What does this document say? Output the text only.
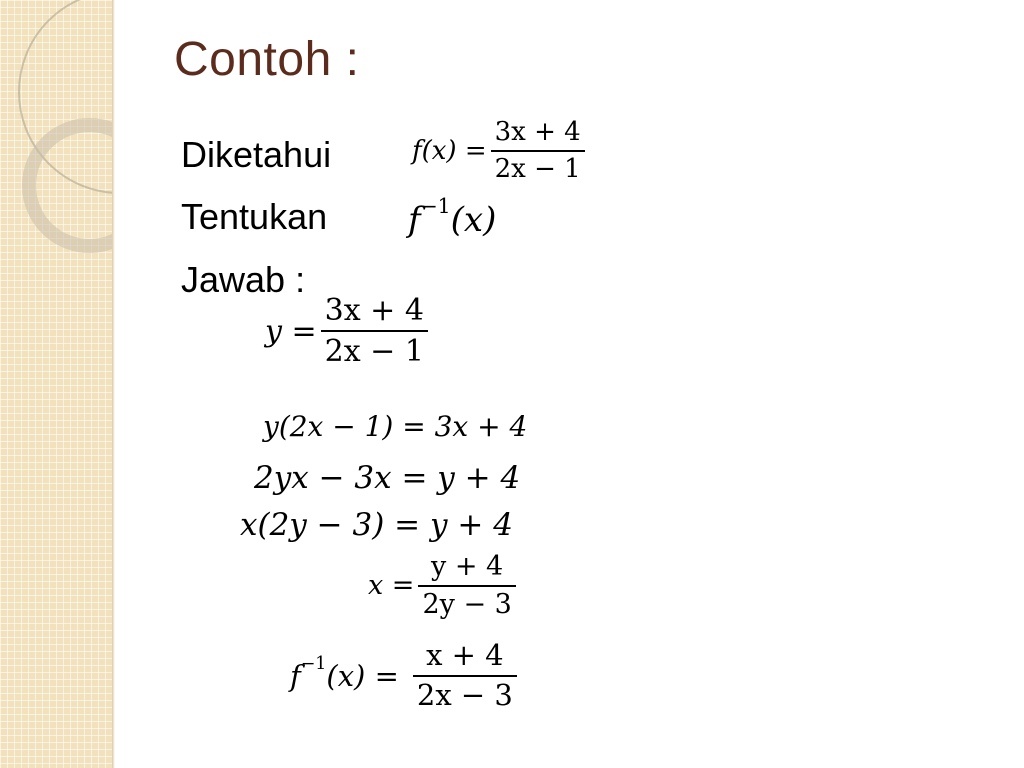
Contoh :
Diketahui
Tentukan
Jawab :
$f(x) = \frac{3x + 4}{2x - 1}$
f −1 (x)
$y = \frac{3x + 4}{2x - 1}$
y(2x − 1) = 3x + 4
2yx − 3x = y + 4
x(2y − 3) = y + 4
$x = \frac{y + 4}{2y - 3}$
f −1 $(x) = \frac{x + 4}{2x - 3}$
